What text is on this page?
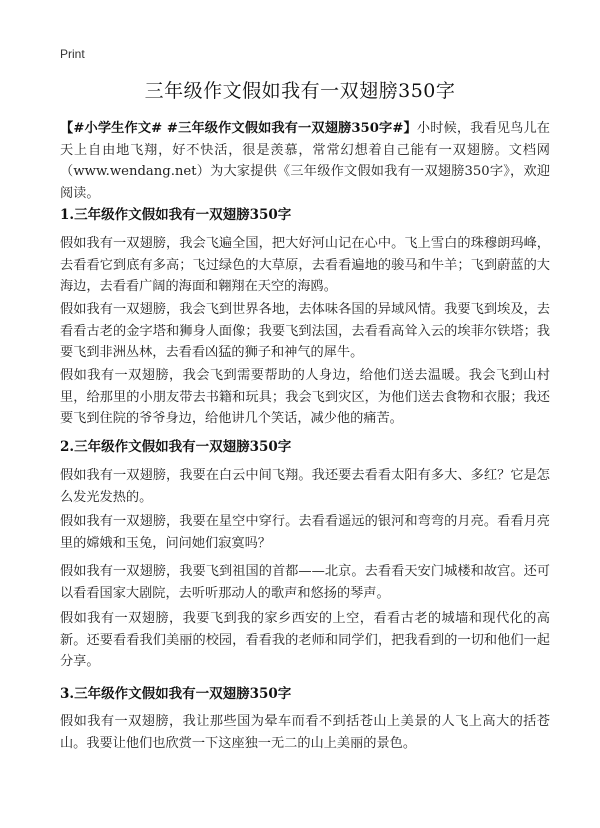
Print
三年级作文假如我有一双翅膀350字
【#小学生作文# #三年级作文假如我有一双翅膀350字#】小时候，我看见鸟儿在天上自由地飞翔，好不快活，很是羡慕，常常幻想着自己能有一双翅膀。文档网（www.wendang.net）为大家提供《三年级作文假如我有一双翅膀350字》，欢迎阅读。
1.三年级作文假如我有一双翅膀350字
假如我有一双翅膀，我会飞遍全国，把大好河山记在心中。飞上雪白的珠穆朗玛峰，去看看它到底有多高；飞过绿色的大草原，去看看遍地的骏马和牛羊；飞到蔚蓝的大海边，去看看广阔的海面和翱翔在天空的海鸥。
假如我有一双翅膀，我会飞到世界各地，去体味各国的异域风情。我要飞到埃及，去看看古老的金字塔和狮身人面像；我要飞到法国，去看看高耸入云的埃菲尔铁塔；我要飞到非洲丛林，去看看凶猛的狮子和神气的犀牛。
假如我有一双翅膀，我会飞到需要帮助的人身边，给他们送去温暖。我会飞到山村里，给那里的小朋友带去书籍和玩具；我会飞到灾区，为他们送去食物和衣服；我还要飞到住院的爷爷身边，给他讲几个笑话，减少他的痛苦。
2.三年级作文假如我有一双翅膀350字
假如我有一双翅膀，我要在白云中间飞翔。我还要去看看太阳有多大、多红？它是怎么发光发热的。
假如我有一双翅膀，我要在星空中穿行。去看看遥远的银河和弯弯的月亮。看看月亮里的嫦娥和玉兔，问问她们寂寞吗？
假如我有一双翅膀，我要飞到祖国的首都——北京。去看看天安门城楼和故宫。还可以看看国家大剧院，去听听那动人的歌声和悠扬的琴声。
假如我有一双翅膀，我要飞到我的家乡西安的上空，看看古老的城墙和现代化的高新。还要看看我们美丽的校园，看看我的老师和同学们，把我看到的一切和他们一起分享。
3.三年级作文假如我有一双翅膀350字
假如我有一双翅膀，我让那些国为晕车而看不到括苍山上美景的人飞上高大的括苍山。我要让他们也欣赏一下这座独一无二的山上美丽的景色。
